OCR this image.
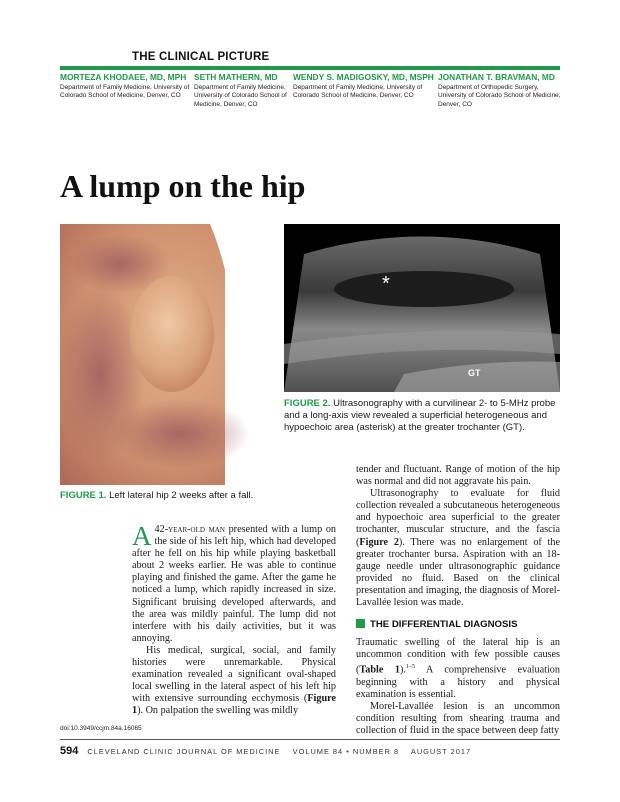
THE CLINICAL PICTURE
MORTEZA KHODAEE, MD, MPH
Department of Family Medicine, University of Colorado School of Medicine, Denver, CO
SETH MATHERN, MD
Department of Family Medicine, University of Colorado School of Medicine, Denver, CO
WENDY S. MADIGOSKY, MD, MSPH
Department of Family Medicine, University of Colorado School of Medicine, Denver, CO
JONATHAN T. BRAVMAN, MD
Department of Orthopedic Surgery, University of Colorado School of Medicine, Denver, CO
A lump on the hip
FIGURE 1. Left lateral hip 2 weeks after a fall.
*
GT
FIGURE 2. Ultrasonography with a curvilinear 2- to 5-MHz probe and a long-axis view revealed a superficial heterogeneous and hypoechoic area (asterisk) at the greater trochanter (GT).

A 42-year-old man presented with a lump on the side of his left hip, which had developed after he fell on his hip while playing basketball about 2 weeks earlier. He was able to continue playing and finished the game. After the game he noticed a lump, which rapidly increased in size. Significant bruising developed afterwards, and the area was mildly painful. The lump did not interfere with his daily activities, but it was annoying.

His medical, surgical, social, and family histories were unremarkable. Physical examination revealed a significant oval-shaped local swelling in the lateral aspect of his left hip with extensive surrounding ecchymosis (Figure 1). On palpation the swelling was mildly

tender and fluctuant. Range of motion of the hip was normal and did not aggravate his pain.

Ultrasonography to evaluate for fluid collection revealed a subcutaneous heterogeneous and hypoechoic area superficial to the greater trochanter, muscular structure, and the fascia (Figure 2). There was no enlargement of the greater trochanter bursa. Aspiration with an 18-gauge needle under ultrasonographic guidance provided no fluid. Based on the clinical presentation and imaging, the diagnosis of Morel-Lavallée lesion was made.

THE DIFFERENTIAL DIAGNOSIS

Traumatic swelling of the lateral hip is an uncommon condition with few possible causes (Table 1).$^{1-5}$ A comprehensive evaluation beginning with a history and physical examination is essential.

Morel-Lavallée lesion is an uncommon condition resulting from shearing trauma and collection of fluid in the space between deep fatty

doi:10.3949/ccjm.84a.16065
594 CLEVELAND CLINIC JOURNAL OF MEDICINE VOLUME 84 • NUMBER 8 AUGUST 2017
